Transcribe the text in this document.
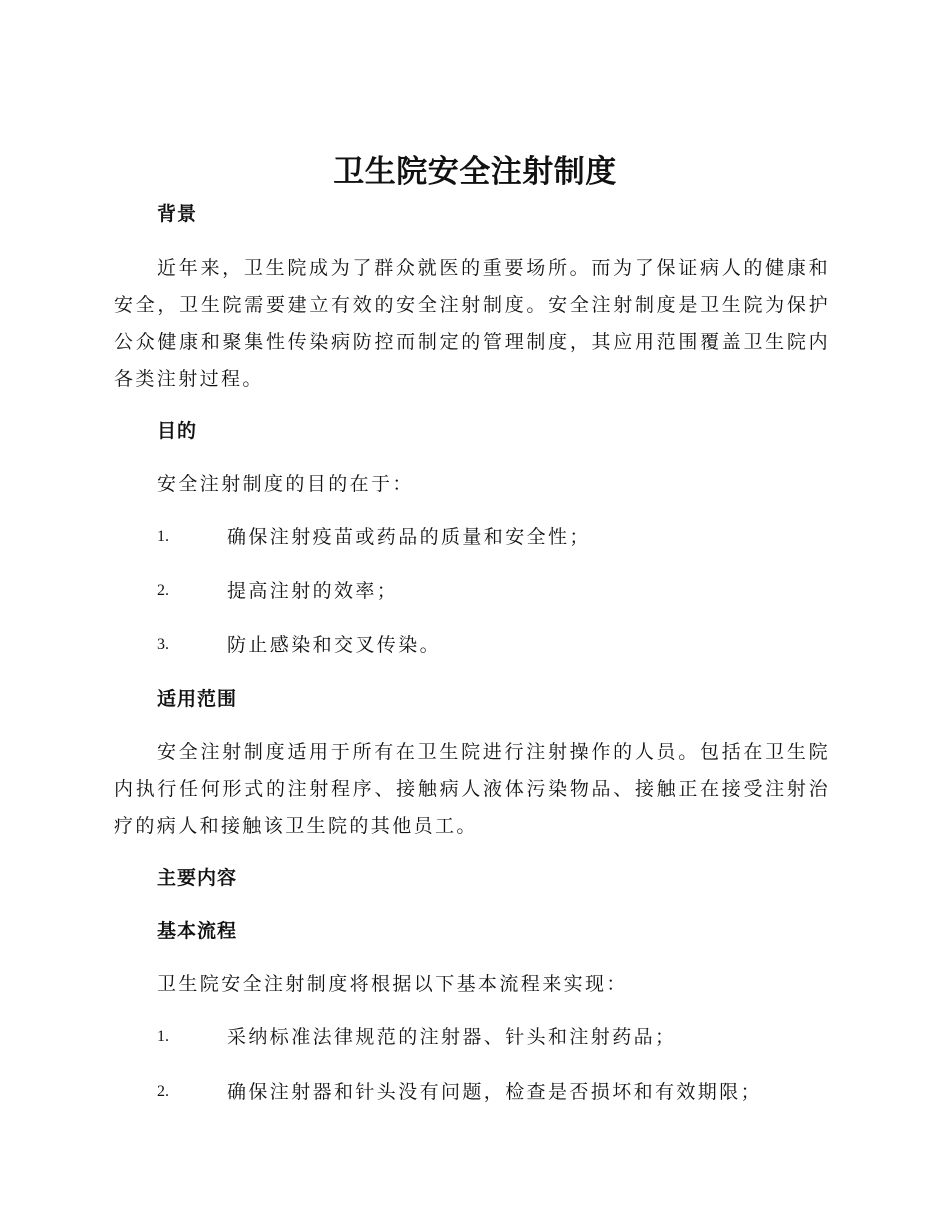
卫生院安全注射制度
背景
近年来，卫生院成为了群众就医的重要场所。而为了保证病人的健康和安全，卫生院需要建立有效的安全注射制度。安全注射制度是卫生院为保护公众健康和聚集性传染病防控而制定的管理制度，其应用范围覆盖卫生院内各类注射过程。
目的
安全注射制度的目的在于：
1.	确保注射疫苗或药品的质量和安全性；
2.	提高注射的效率；
3.	防止感染和交叉传染。
适用范围
安全注射制度适用于所有在卫生院进行注射操作的人员。包括在卫生院内执行任何形式的注射程序、接触病人液体污染物品、接触正在接受注射治疗的病人和接触该卫生院的其他员工。
主要内容
基本流程
卫生院安全注射制度将根据以下基本流程来实现：
1.	采纳标准法律规范的注射器、针头和注射药品；
2.	确保注射器和针头没有问题，检查是否损坏和有效期限；
